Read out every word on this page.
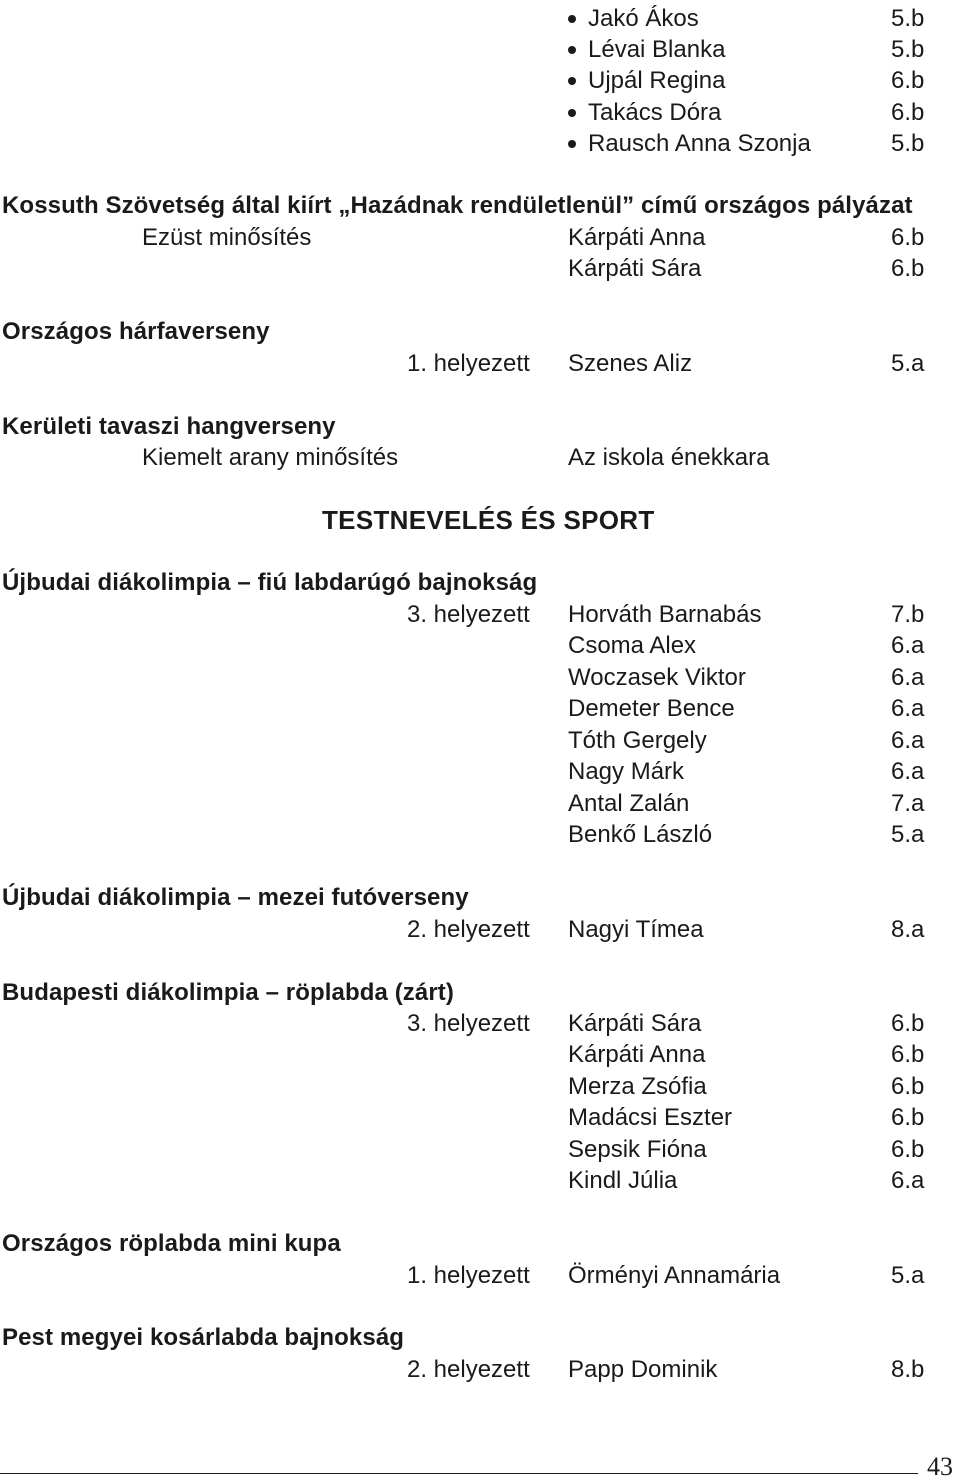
Jakó Ákos	5.b
Lévai Blanka	5.b
Ujpál Regina	6.b
Takács Dóra	6.b
Rausch Anna Szonja	5.b
Kossuth Szövetség által kiírt „Hazádnak rendületlenül” című országos pályázat
Ezüst minősítés	Kárpáti Anna	6.b
Kárpáti Sára	6.b
Országos hárfaverseny
1. helyezett Szenes Aliz	5.a
Kerületi tavaszi hangverseny
Kiemelt arany minősítés	Az iskola énekkara
TESTNEVELÉS ÉS SPORT
Újbudai diákolimpia – fiú labdarúgó bajnokság
3. helyezett Horváth Barnabás	7.b
Csoma Alex	6.a
Woczasek Viktor	6.a
Demeter Bence	6.a
Tóth Gergely	6.a
Nagy Márk	6.a
Antal Zalán	7.a
Benkő László	5.a
Újbudai diákolimpia – mezei futóverseny
2. helyezett Nagyi Tímea	8.a
Budapesti diákolimpia – röplabda (zárt)
3. helyezett Kárpáti Sára	6.b
Kárpáti Anna	6.b
Merza Zsófia	6.b
Madácsi Eszter	6.b
Sepsik Fióna	6.b
Kindl Júlia	6.a
Országos röplabda mini kupa
1. helyezett Örményi Annamária	5.a
Pest megyei kosárlabda bajnokság
2. helyezett Papp Dominik	8.b
43
